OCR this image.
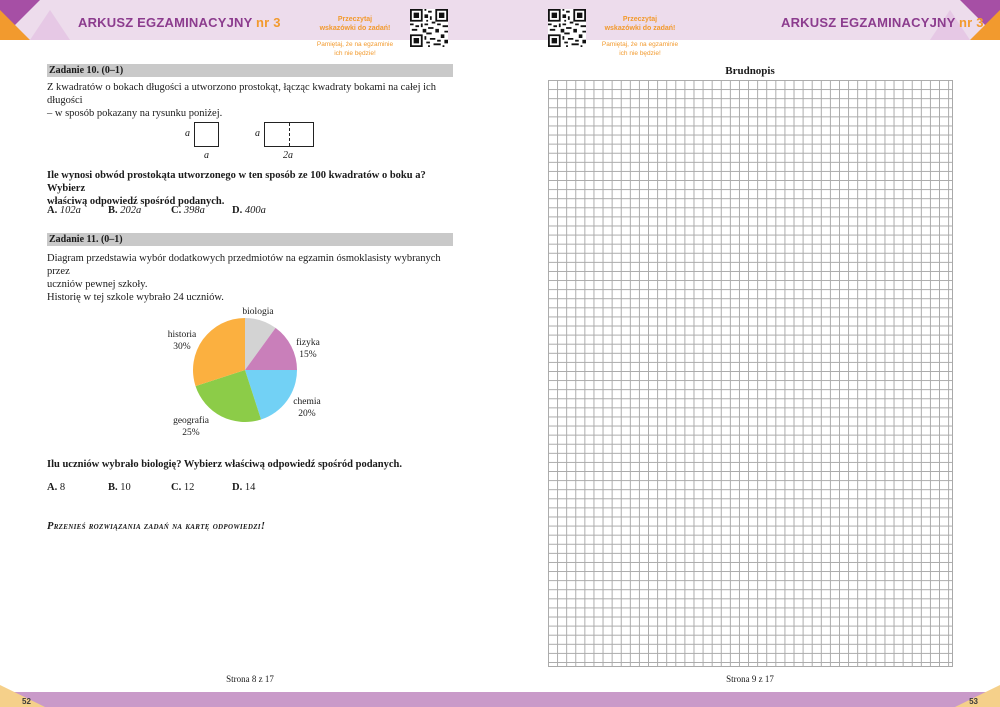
ARKUSZ EGZAMINACYJNY nr 3	Przeczytaj
wskazówki do zadań!
Pamiętaj, że na egzaminie
ich nie będzie!
Zadanie 10. (0–1)
Z kwadratów o bokach długości a utworzono prostokąt, łącząc kwadraty bokami na całej ich długości
– w sposób pokazany na rysunku poniżej.
a
a
a
2a
Ile wynosi obwód prostokąta utworzonego w ten sposób ze 100 kwadratów o boku a? Wybierz
właściwą odpowiedź spośród podanych.
A. 102a	B. 202a	C. 398a	D. 400a
Zadanie 11. (0–1)
Diagram przedstawia wybór dodatkowych przedmiotów na egzamin ósmoklasisty wybranych przez
uczniów pewnej szkoły.
Historię w tej szkole wybrało 24 uczniów.
biologia
fizyka
15%
chemia
20%
geografia
25%
historia
30%
Ilu uczniów wybrało biologię? Wybierz właściwą odpowiedź spośród podanych.
A. 8	B. 10	C. 12	D. 14
Przenieś rozwiązania zadań na kartę odpowiedzi!
Strona 8 z 17
52
Przeczytaj
wskazówki do zadań!
Pamiętaj, że na egzaminie
ich nie będzie!
ARKUSZ EGZAMINACYJNY nr 3
Brudnopis
Strona 9 z 17
53
